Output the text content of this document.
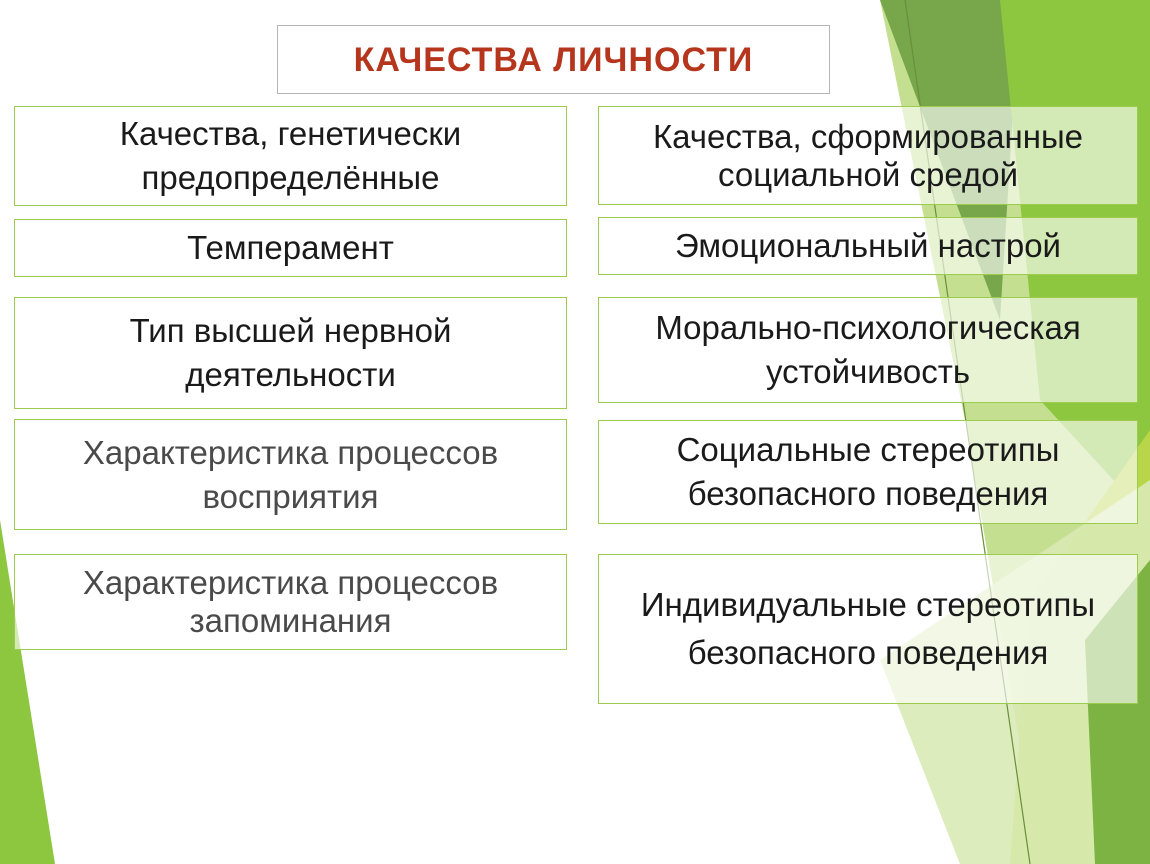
КАЧЕСТВА ЛИЧНОСТИ
Качества, генетически предопределённые
Темперамент
Тип высшей нервной деятельности
Характеристика процессов восприятия
Характеристика процессов запоминания
Качества, сформированные социальной средой
Эмоциональный настрой
Морально-психологическая устойчивость
Социальные стереотипы безопасного поведения
Индивидуальные стереотипы безопасного поведения
